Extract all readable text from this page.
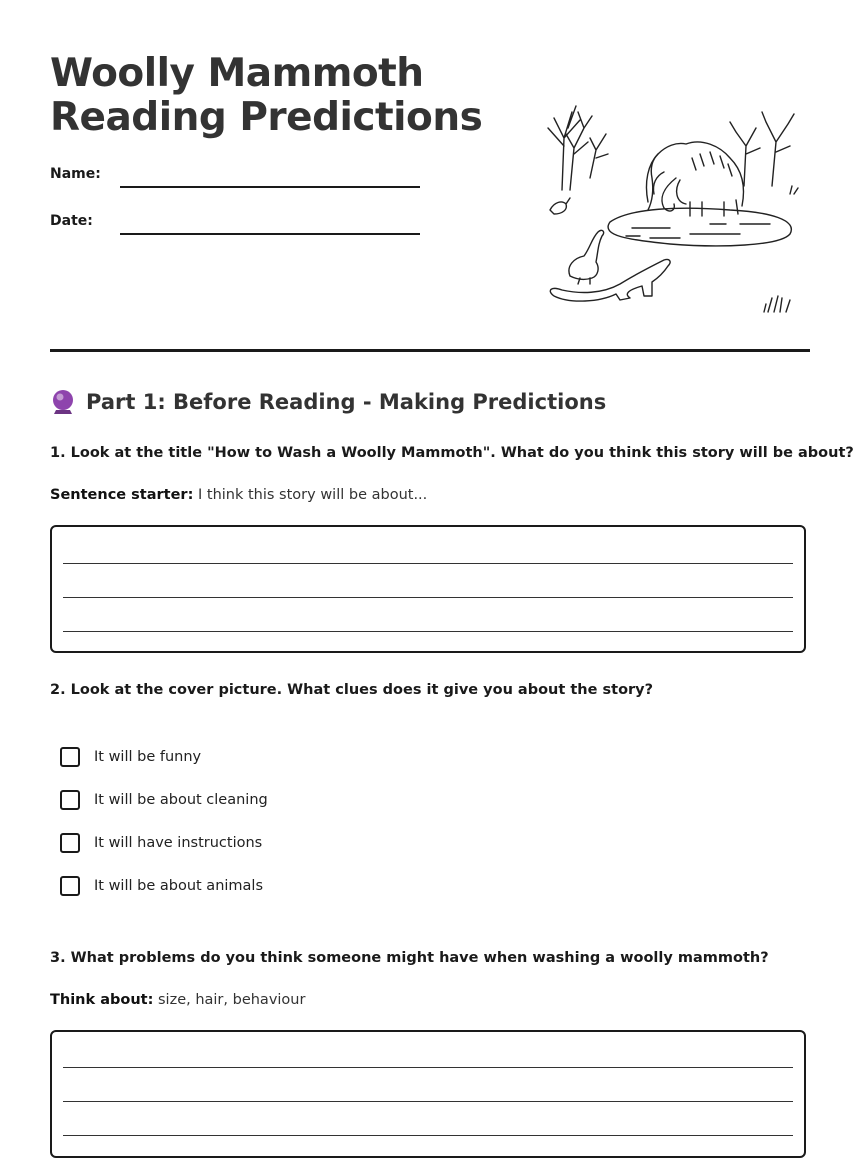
Woolly Mammoth
Reading Predictions
Name:
Date:
Part 1: Before Reading - Making Predictions

1. Look at the title "How to Wash a Woolly Mammoth". What do you think this story will be about?

Sentence starter: I think this story will be about...

2. Look at the cover picture. What clues does it give you about the story?

It will be funny
It will be about cleaning
It will have instructions
It will be about animals

3. What problems do you think someone might have when washing a woolly mammoth?

Think about: size, hair, behaviour
